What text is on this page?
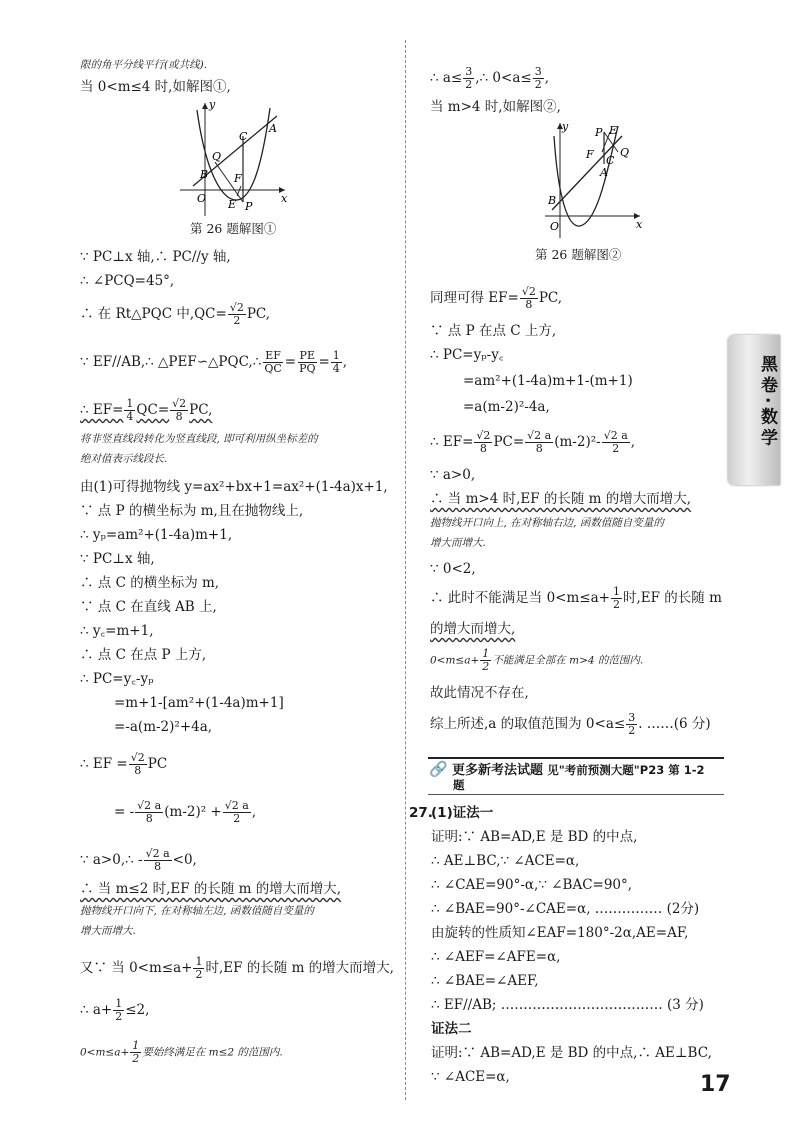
限的角平分线平行(或共线).
当 0<m≤4 时,如解图①,
y
A
C
Q
B F
O E P
x
第 26 题解图①
∵ PC⊥x 轴,∴ PC//y 轴,
∴ ∠PCQ=45°,
∴ 在 Rt△PQC 中$,QC= \frac{√2}{2}$ PC,
∵ EF//AB,∴ △PEF∽△PQC,∴ $\frac{EF}{QC} = \frac{PE}{PQ} = \frac{1}{4}$ ,
∴ $EF= \frac{1}{4} QC= \frac{√2}{8}$ PC,
将非竖直线段转化为竖直线段, 即可利用纵坐标差的
绝对值表示线段长.
由(1)可得抛物线 y=ax²+bx+1=ax²+(1-4a)x+1,
∵ 点 P 的横坐标为 m,且在抛物线上,
∴ yₚ=am²+(1-4a)m+1,
∵ PC⊥x 轴,
∴ 点 C 的横坐标为 m,
∵ 点 C 在直线 AB 上,
∴ y꜀=m+1,
∴ 点 C 在点 P 上方,
∴ PC=y꜀-yₚ
=m+1-[am²+(1-4a)m+1]
=-a(m-2)²+4a,
∴ EF = $\frac{√2}{8}$ PC
= - $\frac{√2 a}{8} (m-2)^2 + \frac{√2 a}{2}$ ,
∵ a>0,∴ - $\frac{√2 a}{8} <0$,
∴ 当 m≤2 时,EF 的长随 m 的增大而增大,
抛物线开口向下, 在对称轴左边, 函数值随自变量的
增大而增大.
又∵ 当 $0<m\le a+ \frac{1}{2}$ 时,EF 的长随 m 的增大而增大,
∴ $a+ \frac{1}{2} \le 2$,
$0<m\le a+ \frac{1}{2}$ 要始终满足在 m≤2 的范围内.
∴ $a\le \frac{3}{2}$ ,∴ $0<a\le \frac{3}{2}$ ,
当 m>4 时,如解图②,
y P E
F C
Q
A
B
O	x
第 26 题解图②
同理可得 $EF= \frac{√2}{8}$ PC,
∵ 点 P 在点 C 上方,
∴ PC=yₚ-y꜀
=am²+(1-4a)m+1-(m+1)
=a(m-2)²-4a,
∴ $EF= \frac{√2}{8} PC= \frac{√2 a}{8} (m-2)^2- \frac{√2 a}{2}$ ,
∵ a>0,
∴ 当 m>4 时,EF 的长随 m 的增大而增大,
抛物线开口向上, 在对称轴右边, 函数值随自变量的
增大而增大.
∵ 0<2,
∴ 此时不能满足当 $0<m\le a+ \frac{1}{2}$ 时,EF 的长随 m
的增大而增大,
$0<m\le a+ \frac{1}{2}$ 不能满足全部在 m>4 的范围内.
故此情况不存在,
综上所述,a 的取值范围为 $0<a\le \frac{3}{2}$ . ……(6 分)
🔗 更多新考法试题 见"考前预测大题"P23 第 1-2
题
27.
(1)证法一
证明:∵ AB=AD,E 是 BD 的中点,
∴ AE⊥BC,∵ ∠ACE=α,
∴ ∠CAE=90°-α,∵ ∠BAC=90°,
∴ ∠BAE=90°-∠CAE=α, …………… (2分)
由旋转的性质知∠EAF=180°-2α,AE=AF,
∴ ∠AEF=∠AFE=α,
∴ ∠BAE=∠AEF,
∴ EF//AB; ……………………………… (3 分)
证法二
证明:∵ AB=AD,E 是 BD 的中点,∴ AE⊥BC,
∵ ∠ACE=α,
黑卷·数学
17
